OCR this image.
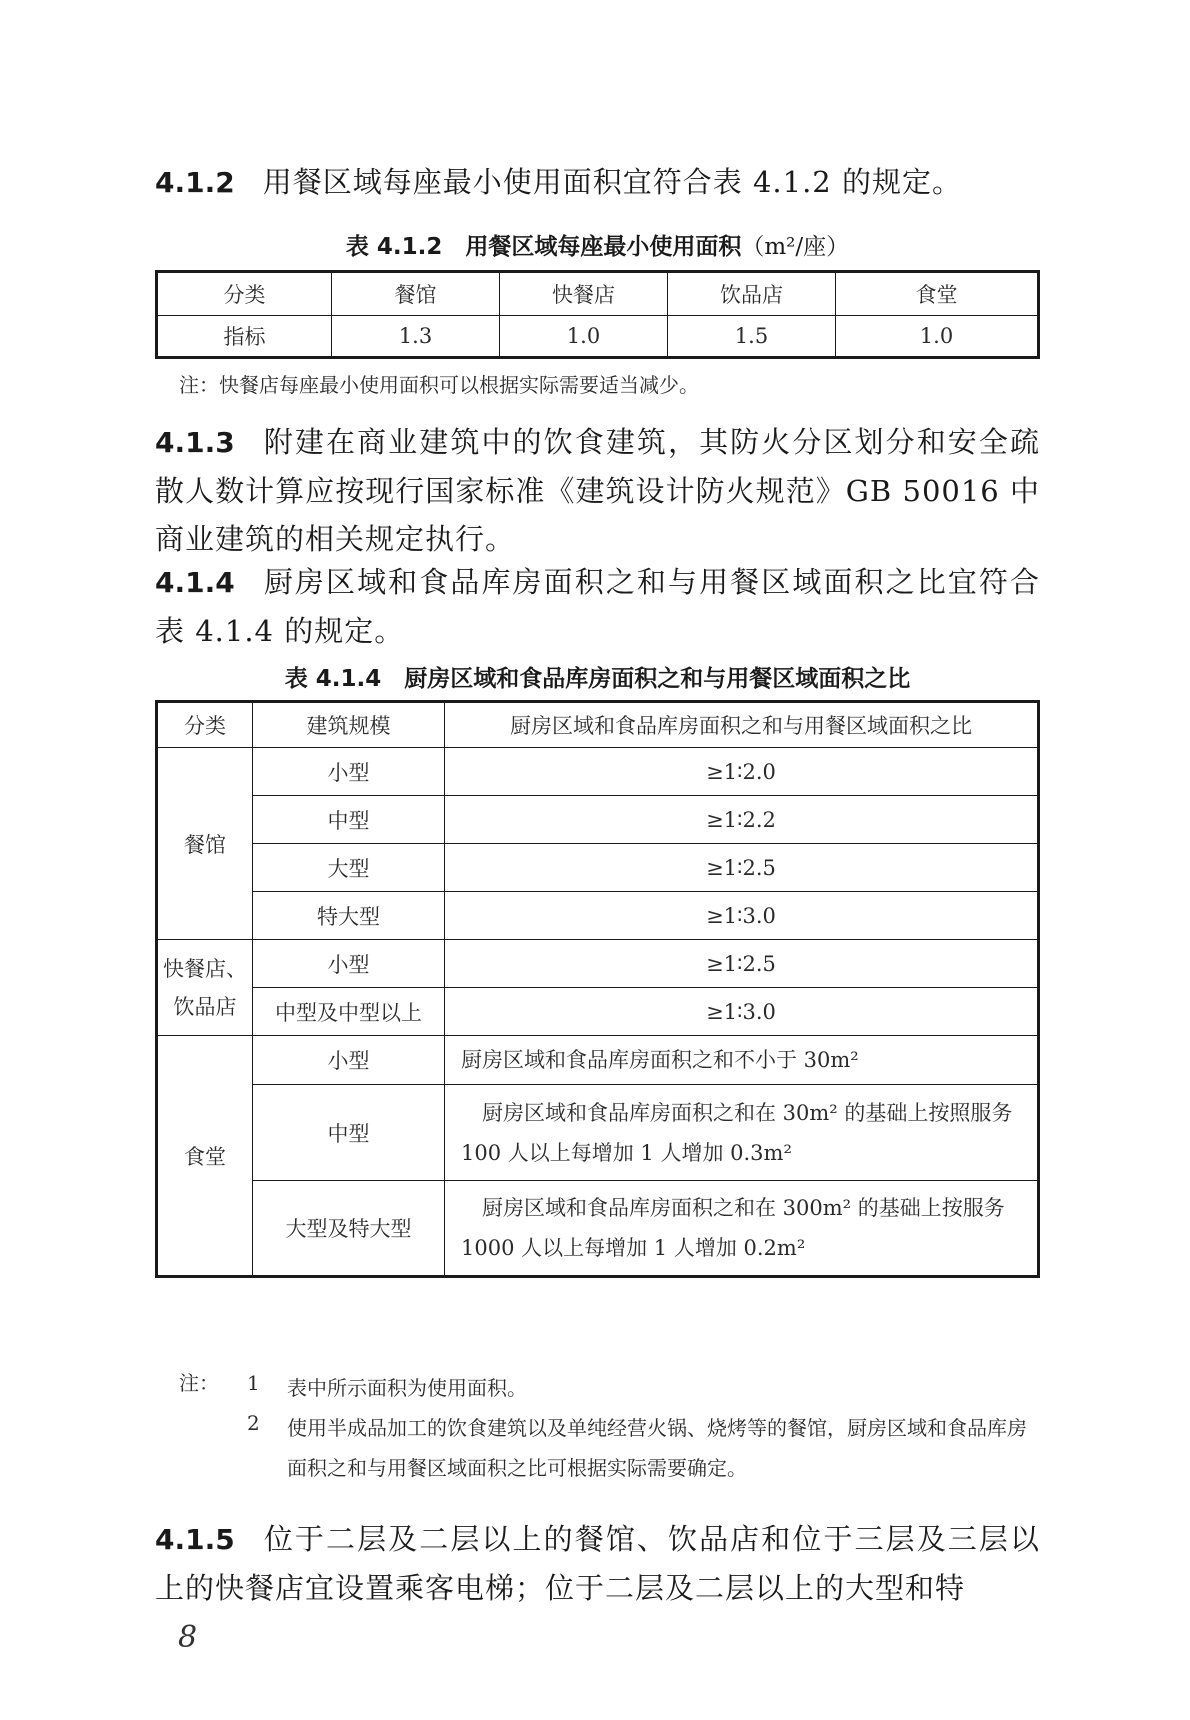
4.1.2 用餐区域每座最小使用面积宜符合表 4.1.2 的规定。

表 4.1.2　用餐区域每座最小使用面积（m²/座）

分类	餐馆	快餐店	饮品店	食堂
指标	1.3	1.0	1.5	1.0

注：快餐店每座最小使用面积可以根据实际需要适当减少。

4.1.3 附建在商业建筑中的饮食建筑，其防火分区划分和安全疏散人数计算应按现行国家标准《建筑设计防火规范》GB 50016 中商业建筑的相关规定执行。

4.1.4 厨房区域和食品库房面积之和与用餐区域面积之比宜符合表 4.1.4 的规定。

表 4.1.4　厨房区域和食品库房面积之和与用餐区域面积之比

分类	建筑规模	厨房区域和食品库房面积之和与用餐区域面积之比
餐馆	小型	≥1∶2.0
	中型	≥1∶2.2
	大型	≥1∶2.5
	特大型	≥1∶3.0
快餐店、饮品店	小型	≥1∶2.5
	中型及中型以上	≥1∶3.0
食堂	小型	厨房区域和食品库房面积之和不小于 30m²
	中型	　厨房区域和食品库房面积之和在 30m² 的基础上按照服务 100 人以上每增加 1 人增加 0.3m²
	大型及特大型	　厨房区域和食品库房面积之和在 300m² 的基础上按服务 1000 人以上每增加 1 人增加 0.2m²
注：	1	表中所示面积为使用面积。
2	使用半成品加工的饮食建筑以及单纯经营火锅、烧烤等的餐馆，厨房区域和食品库房面积之和与用餐区域面积之比可根据实际需要确定。

4.1.5 位于二层及二层以上的餐馆、饮品店和位于三层及三层以上的快餐店宜设置乘客电梯；位于二层及二层以上的大型和特

8
